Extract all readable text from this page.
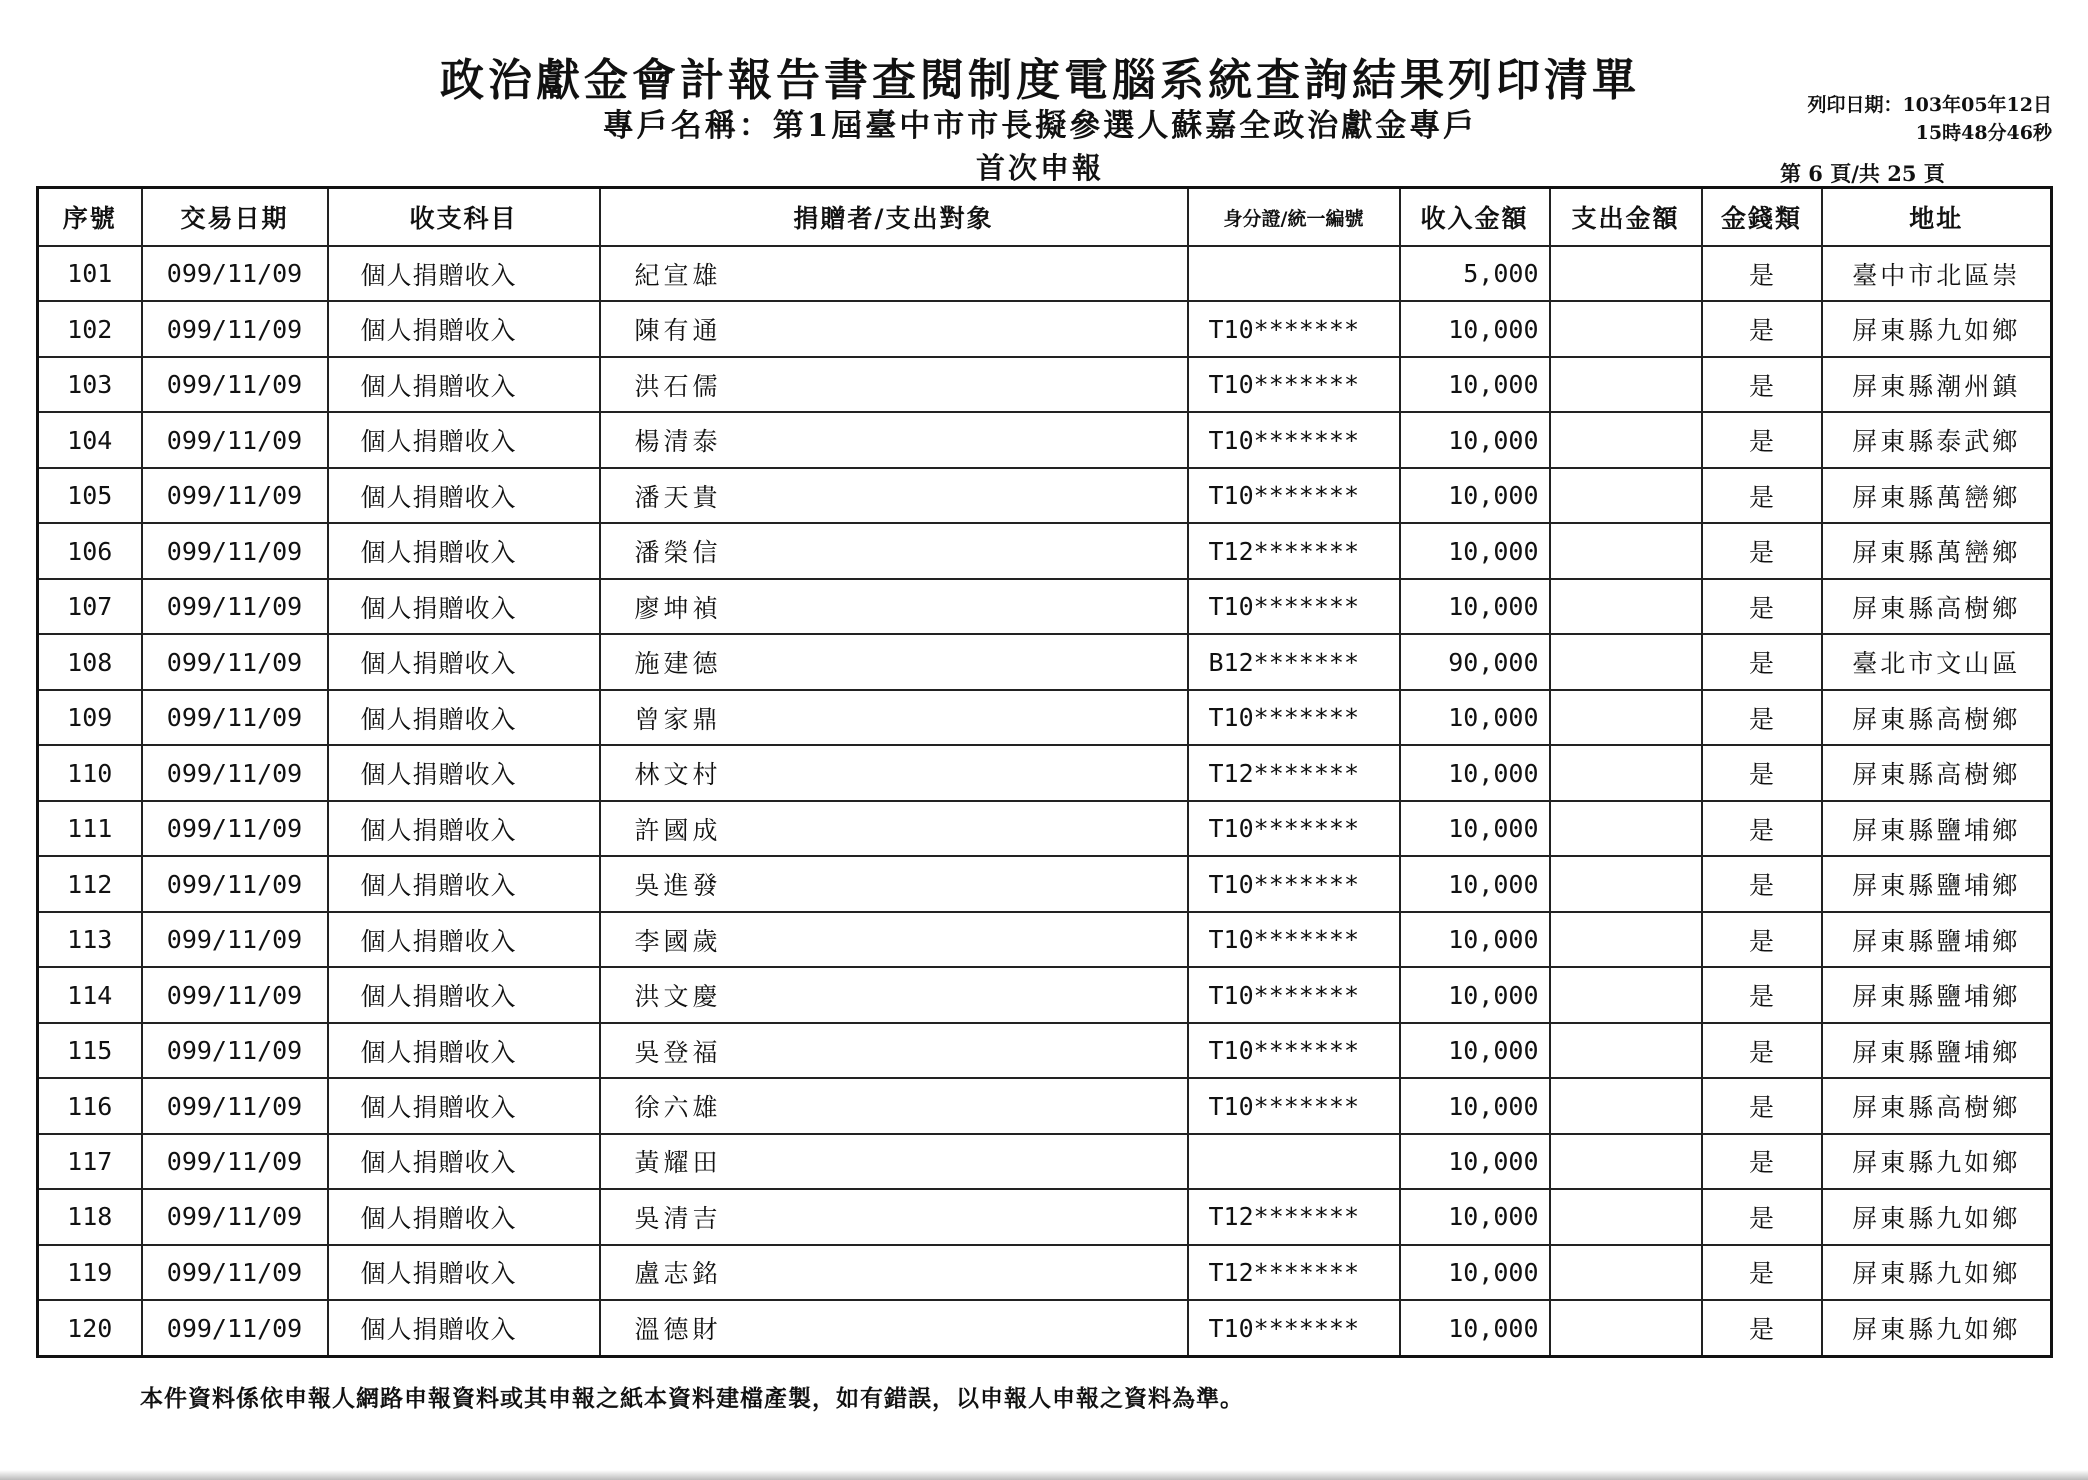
政治獻金會計報告書查閱制度電腦系統查詢結果列印清單
專戶名稱：第1屆臺中市市長擬參選人蘇嘉全政治獻金專戶
首次申報
列印日期：103年05年12日
15時48分46秒
第 6 頁/共 25 頁
序號	交易日期	收支科目	捐贈者/支出對象	身分證/統一編號	收入金額	支出金額	金錢類	地址
101	099/11/09	個人捐贈收入	紀宣雄		5,000		是	臺中市北區崇
102	099/11/09	個人捐贈收入	陳有通	T10*******	10,000		是	屏東縣九如鄉
103	099/11/09	個人捐贈收入	洪石儒	T10*******	10,000		是	屏東縣潮州鎮
104	099/11/09	個人捐贈收入	楊清泰	T10*******	10,000		是	屏東縣泰武鄉
105	099/11/09	個人捐贈收入	潘天貴	T10*******	10,000		是	屏東縣萬巒鄉
106	099/11/09	個人捐贈收入	潘榮信	T12*******	10,000		是	屏東縣萬巒鄉
107	099/11/09	個人捐贈收入	廖坤禎	T10*******	10,000		是	屏東縣高樹鄉
108	099/11/09	個人捐贈收入	施建德	B12*******	90,000		是	臺北市文山區
109	099/11/09	個人捐贈收入	曾家鼎	T10*******	10,000		是	屏東縣高樹鄉
110	099/11/09	個人捐贈收入	林文村	T12*******	10,000		是	屏東縣高樹鄉
111	099/11/09	個人捐贈收入	許國成	T10*******	10,000		是	屏東縣鹽埔鄉
112	099/11/09	個人捐贈收入	吳進發	T10*******	10,000		是	屏東縣鹽埔鄉
113	099/11/09	個人捐贈收入	李國歲	T10*******	10,000		是	屏東縣鹽埔鄉
114	099/11/09	個人捐贈收入	洪文慶	T10*******	10,000		是	屏東縣鹽埔鄉
115	099/11/09	個人捐贈收入	吳登福	T10*******	10,000		是	屏東縣鹽埔鄉
116	099/11/09	個人捐贈收入	徐六雄	T10*******	10,000		是	屏東縣高樹鄉
117	099/11/09	個人捐贈收入	黃耀田		10,000		是	屏東縣九如鄉
118	099/11/09	個人捐贈收入	吳清吉	T12*******	10,000		是	屏東縣九如鄉
119	099/11/09	個人捐贈收入	盧志銘	T12*******	10,000		是	屏東縣九如鄉
120	099/11/09	個人捐贈收入	溫德財	T10*******	10,000		是	屏東縣九如鄉
本件資料係依申報人網路申報資料或其申報之紙本資料建檔產製，如有錯誤，以申報人申報之資料為準。
